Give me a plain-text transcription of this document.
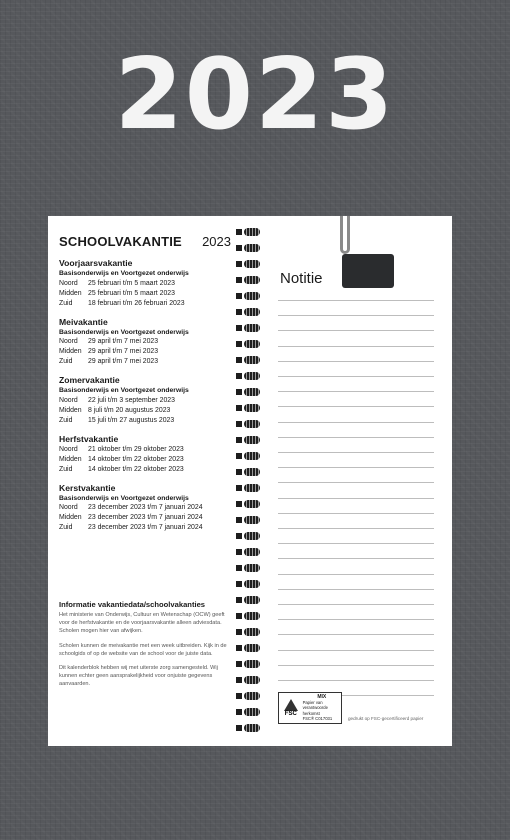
2023
SCHOOLVAKANTIE 2023
Voorjaarsvakantie
Basisonderwijs en Voortgezet onderwijs
Noord	25 februari t/m 5 maart 2023
Midden 25 februari t/m 5 maart 2023
Zuid	18 februari t/m 26 februari 2023
Meivakantie
Basisonderwijs en Voortgezet onderwijs
Noord	29 april t/m 7 mei 2023
Midden 29 april t/m 7 mei 2023
Zuid	29 april t/m 7 mei 2023
Zomervakantie
Basisonderwijs en Voortgezet onderwijs
Noord	22 juli t/m 3 september 2023
Midden 8 juli t/m 20 augustus 2023
Zuid	15 juli t/m 27 augustus 2023
Herfstvakantie
Noord	21 oktober t/m 29 oktober 2023
Midden 14 oktober t/m 22 oktober 2023
Zuid	14 oktober t/m 22 oktober 2023
Kerstvakantie
Basisonderwijs en Voortgezet onderwijs
Noord	23 december 2023 t/m 7 januari 2024
Midden 23 december 2023 t/m 7 januari 2024
Zuid	23 december 2023 t/m 7 januari 2024
Informatie vakantiedata/schoolvakanties

Het ministerie van Onderwijs, Cultuur en Wetenschap (OCW) geeft voor de herfstvakantie en de voorjaarsvakantie alleen adviesdata. Scholen mogen hier van afwijken.

Scholen kunnen de meivakantie met een week uitbreiden. Kijk in de schoolgids of op de website van de school voor de juiste data.

Dit kalenderblok hebben wij met uiterste zorg samengesteld. Wij kunnen echter geen aansprakelijkheid voor onjuiste gegevens aanvaarden.

Notitie
FSC
MIX
Papier van
verantwoorde herkomst
FSC® C017031	gedrukt op FSC-gecertificeerd papier
